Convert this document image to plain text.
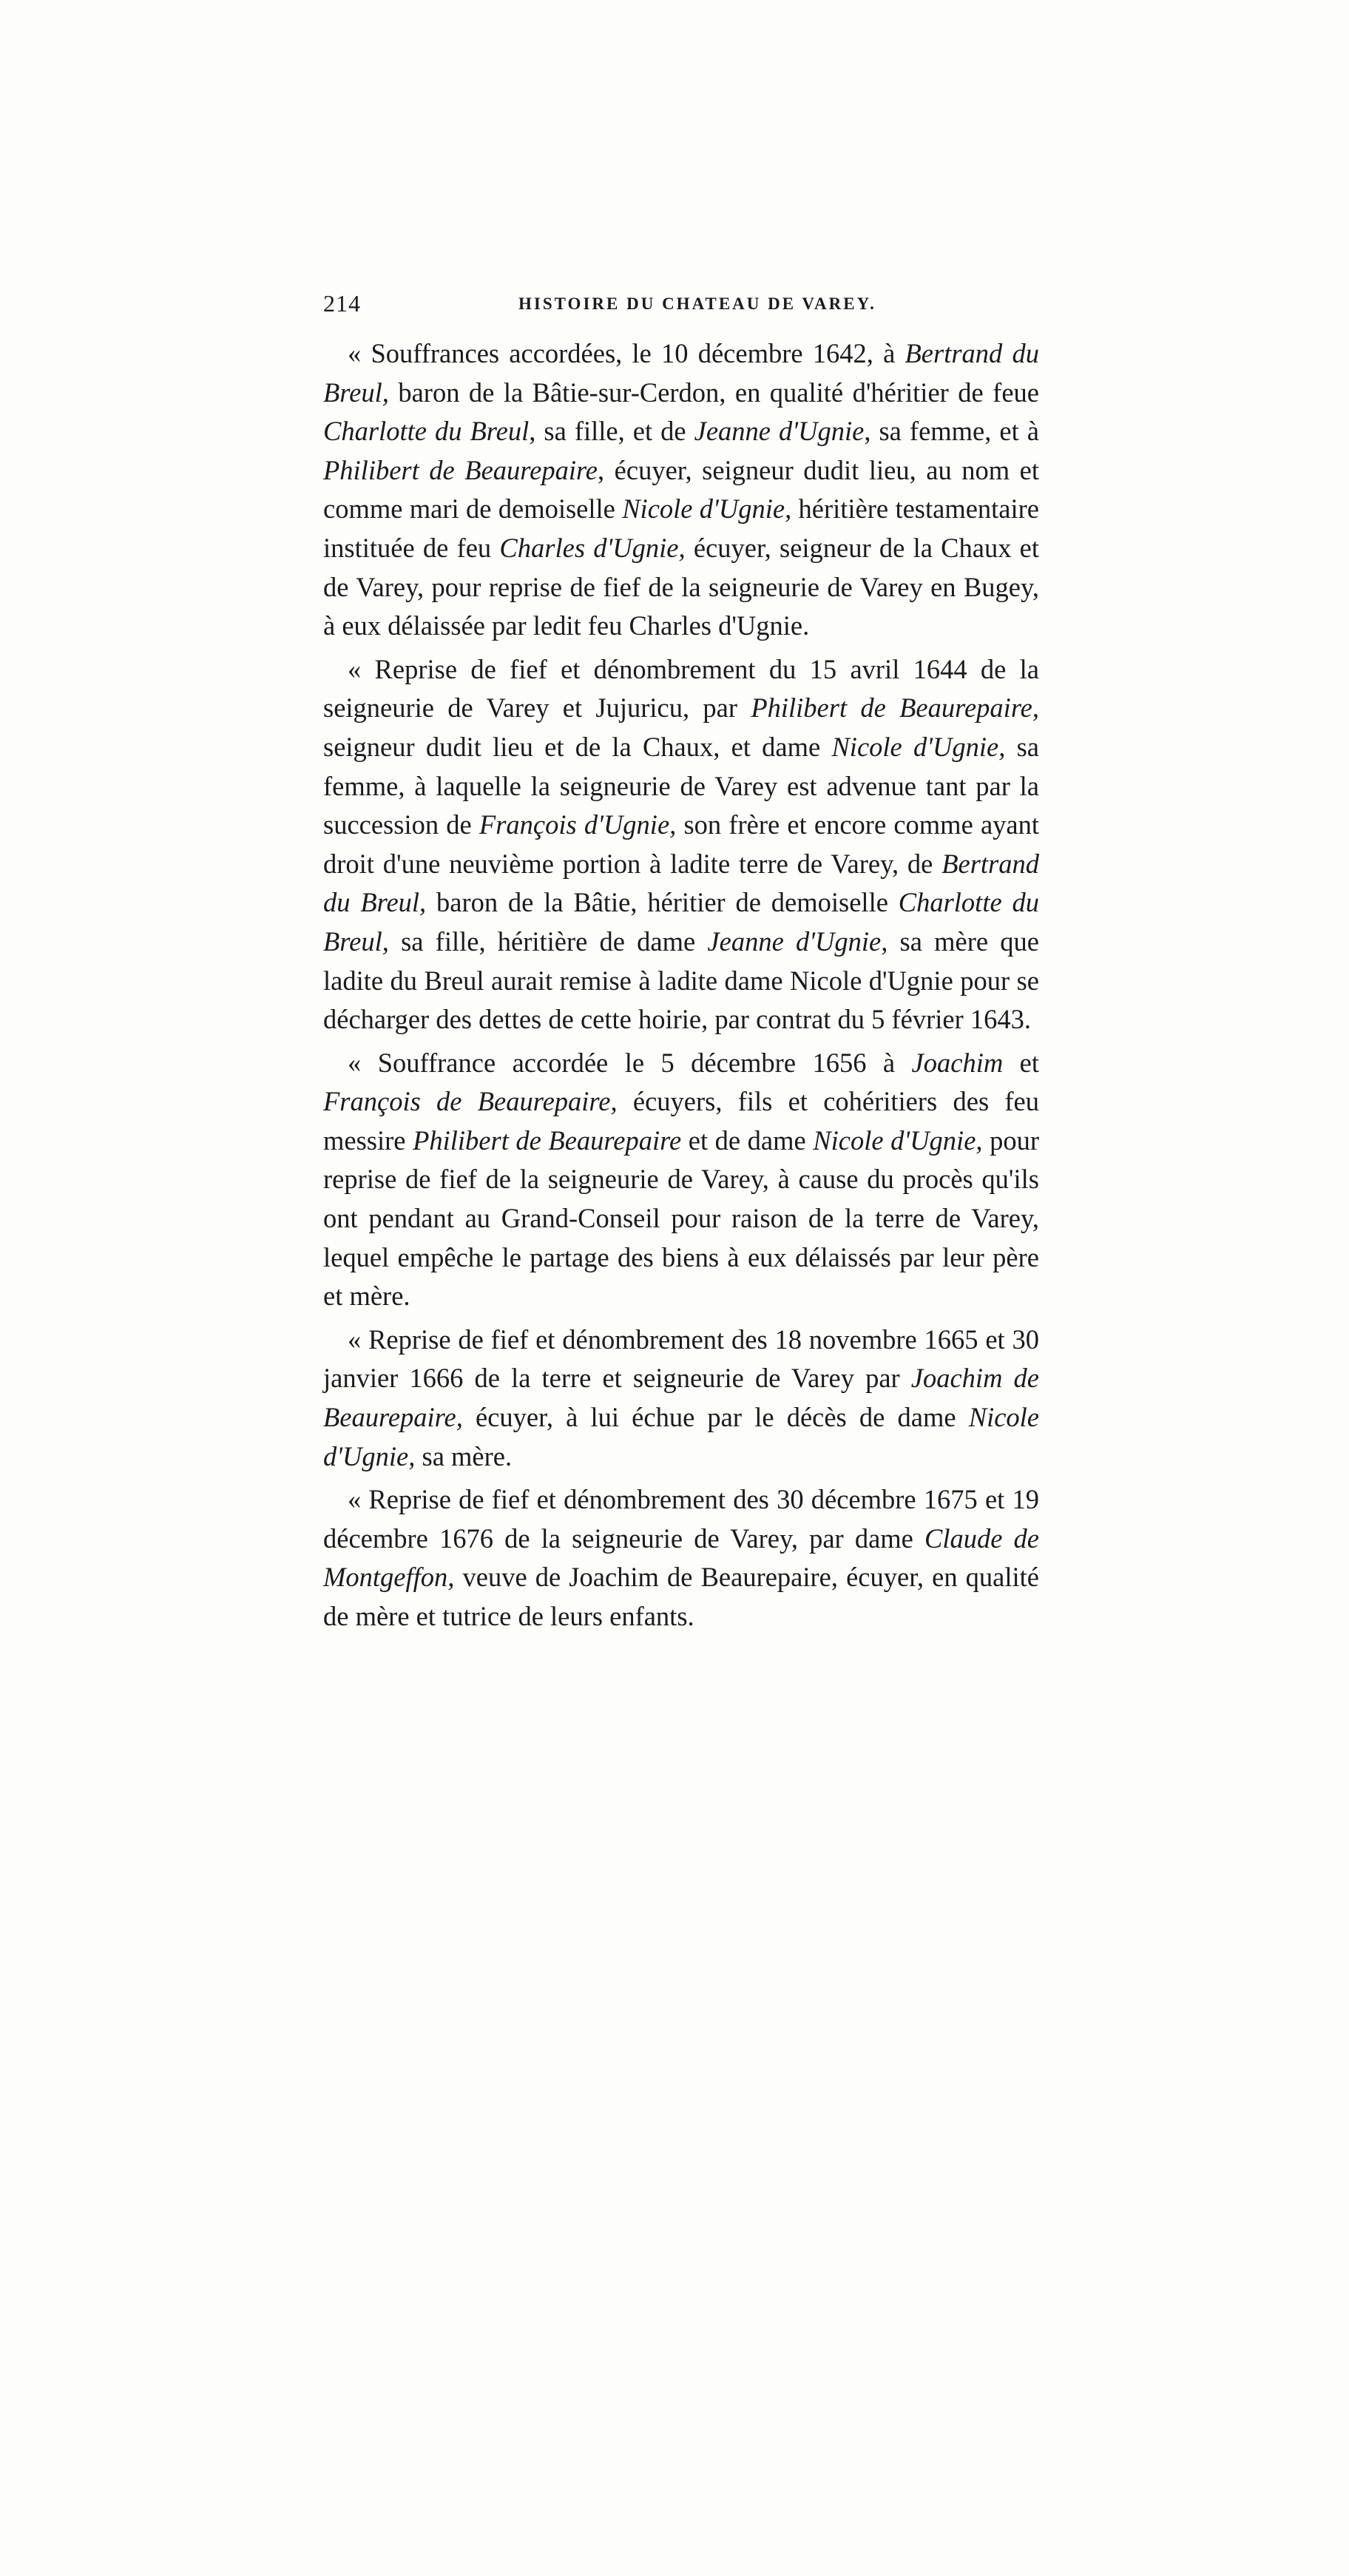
214	HISTOIRE DU CHATEAU DE VAREY.

« Souffrances accordées, le 10 décembre 1642, à Bertrand du Breul, baron de la Bâtie-sur-Cerdon, en qualité d'héritier de feue Charlotte du Breul, sa fille, et de Jeanne d'Ugnie, sa femme, et à Philibert de Beaurepaire, écuyer, seigneur dudit lieu, au nom et comme mari de demoiselle Nicole d'Ugnie, héritière testamentaire instituée de feu Charles d'Ugnie, écuyer, seigneur de la Chaux et de Varey, pour reprise de fief de la seigneurie de Varey en Bugey, à eux délaissée par ledit feu Charles d'Ugnie.

« Reprise de fief et dénombrement du 15 avril 1644 de la seigneurie de Varey et Jujuricu, par Philibert de Beaurepaire, seigneur dudit lieu et de la Chaux, et dame Nicole d'Ugnie, sa femme, à laquelle la seigneurie de Varey est advenue tant par la succession de François d'Ugnie, son frère et encore comme ayant droit d'une neuvième portion à ladite terre de Varey, de Bertrand du Breul, baron de la Bâtie, héritier de demoiselle Charlotte du Breul, sa fille, héritière de dame Jeanne d'Ugnie, sa mère que ladite du Breul aurait remise à ladite dame Nicole d'Ugnie pour se décharger des dettes de cette hoirie, par contrat du 5 février 1643.

« Souffrance accordée le 5 décembre 1656 à Joachim et François de Beaurepaire, écuyers, fils et cohéritiers des feu messire Philibert de Beaurepaire et de dame Nicole d'Ugnie, pour reprise de fief de la seigneurie de Varey, à cause du procès qu'ils ont pendant au Grand-Conseil pour raison de la terre de Varey, lequel empêche le partage des biens à eux délaissés par leur père et mère.

« Reprise de fief et dénombrement des 18 novembre 1665 et 30 janvier 1666 de la terre et seigneurie de Varey par Joachim de Beaurepaire, écuyer, à lui échue par le décès de dame Nicole d'Ugnie, sa mère.

« Reprise de fief et dénombrement des 30 décembre 1675 et 19 décembre 1676 de la seigneurie de Varey, par dame Claude de Montgeffon, veuve de Joachim de Beaurepaire, écuyer, en qualité de mère et tutrice de leurs enfants.
